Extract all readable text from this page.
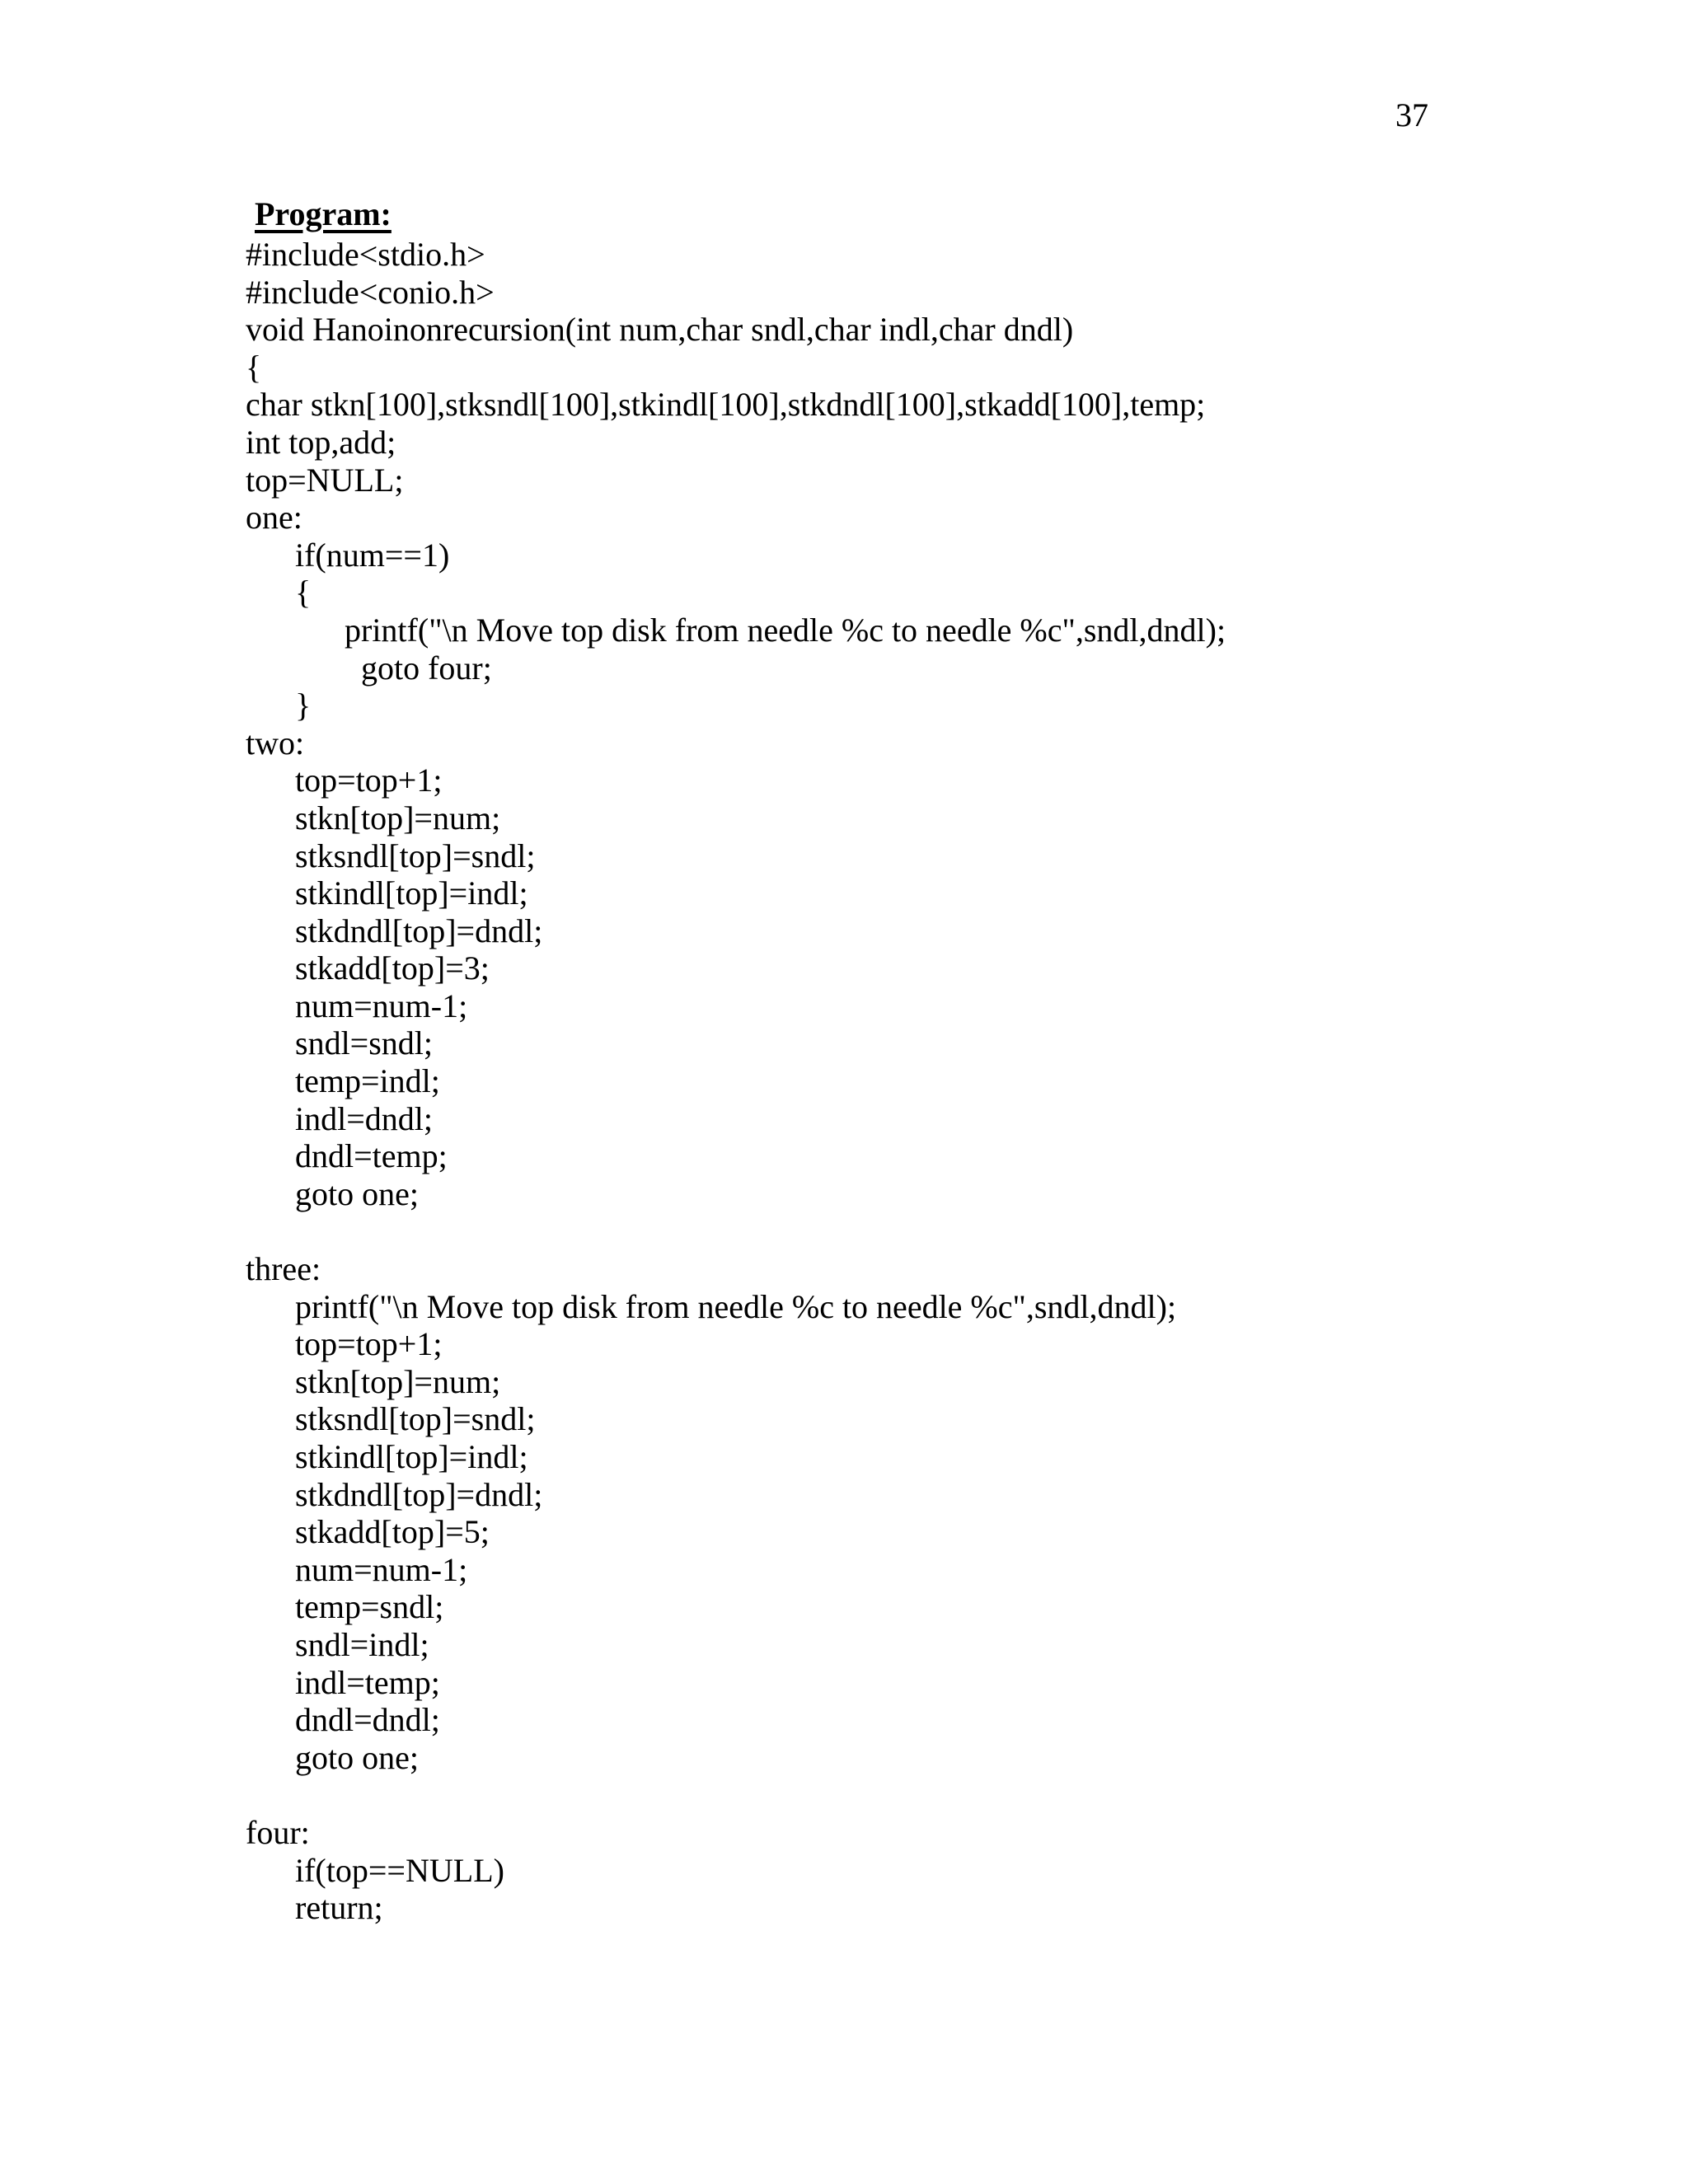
37
Program:
#include<stdio.h>
#include<conio.h>
void Hanoinonrecursion(int num,char sndl,char indl,char dndl)
{
char stkn[100],stksndl[100],stkindl[100],stkdndl[100],stkadd[100],temp;
int top,add;
top=NULL;
one:
if(num==1)
{
printf("\n Move top disk from needle %c to needle %c",sndl,dndl);
goto four;
}
two:
top=top+1;
stkn[top]=num;
stksndl[top]=sndl;
stkindl[top]=indl;
stkdndl[top]=dndl;
stkadd[top]=3;
num=num-1;
sndl=sndl;
temp=indl;
indl=dndl;
dndl=temp;
goto one;
three:
printf("\n Move top disk from needle %c to needle %c",sndl,dndl);
top=top+1;
stkn[top]=num;
stksndl[top]=sndl;
stkindl[top]=indl;
stkdndl[top]=dndl;
stkadd[top]=5;
num=num-1;
temp=sndl;
sndl=indl;
indl=temp;
dndl=dndl;
goto one;
four:
if(top==NULL)
return;
